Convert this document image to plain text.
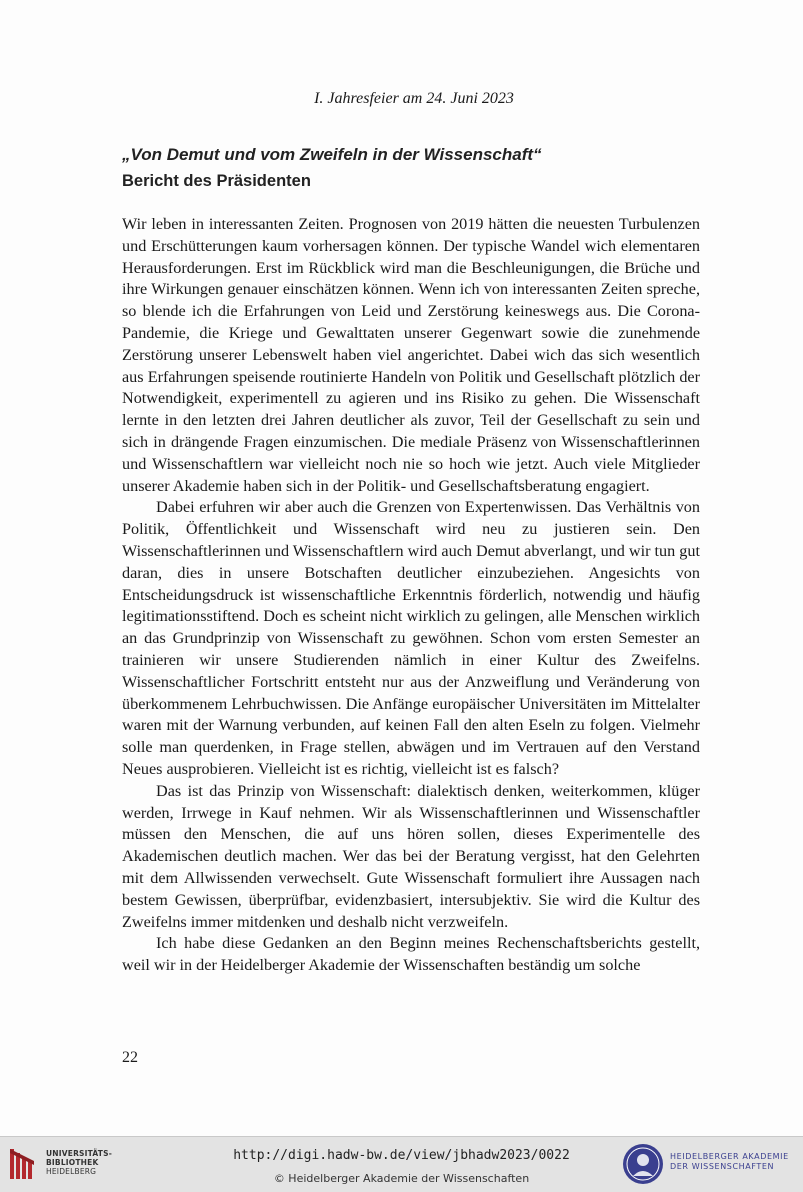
I. Jahresfeier am 24. Juni 2023
„Von Demut und vom Zweifeln in der Wissenschaft“
Bericht des Präsidenten

Wir leben in interessanten Zeiten. Prognosen von 2019 hätten die neuesten Turbulenzen und Erschütterungen kaum vorhersagen können. Der typische Wandel wich elementaren Herausforderungen. Erst im Rückblick wird man die Beschleunigungen, die Brüche und ihre Wirkungen genauer einschätzen können. Wenn ich von interessanten Zeiten spreche, so blende ich die Erfahrungen von Leid und Zerstörung keineswegs aus. Die Corona-Pandemie, die Kriege und Gewalttaten unserer Gegenwart sowie die zunehmende Zerstörung unserer Lebenswelt haben viel angerichtet. Dabei wich das sich wesentlich aus Erfahrungen speisende routinierte Handeln von Politik und Gesellschaft plötzlich der Notwendigkeit, experimentell zu agieren und ins Risiko zu gehen. Die Wissenschaft lernte in den letzten drei Jahren deutlicher als zuvor, Teil der Gesellschaft zu sein und sich in drängende Fragen einzumischen. Die mediale Präsenz von Wissenschaftlerinnen und Wissenschaftlern war vielleicht noch nie so hoch wie jetzt. Auch viele Mitglieder unserer Akademie haben sich in der Politik- und Gesellschaftsberatung engagiert.

Dabei erfuhren wir aber auch die Grenzen von Expertenwissen. Das Verhältnis von Politik, Öffentlichkeit und Wissenschaft wird neu zu justieren sein. Den Wissenschaftlerinnen und Wissenschaftlern wird auch Demut abverlangt, und wir tun gut daran, dies in unsere Botschaften deutlicher einzubeziehen. Angesichts von Entscheidungsdruck ist wissenschaftliche Erkenntnis förderlich, notwendig und häufig legitimationsstiftend. Doch es scheint nicht wirklich zu gelingen, alle Menschen wirklich an das Grundprinzip von Wissenschaft zu gewöhnen. Schon vom ersten Semester an trainieren wir unsere Studierenden nämlich in einer Kultur des Zweifelns. Wissenschaftlicher Fortschritt entsteht nur aus der Anzweiflung und Veränderung von überkommenem Lehrbuchwissen. Die Anfänge europäischer Universitäten im Mittelalter waren mit der Warnung verbunden, auf keinen Fall den alten Eseln zu folgen. Vielmehr solle man querdenken, in Frage stellen, abwägen und im Vertrauen auf den Verstand Neues ausprobieren. Vielleicht ist es richtig, vielleicht ist es falsch?

Das ist das Prinzip von Wissenschaft: dialektisch denken, weiterkommen, klüger werden, Irrwege in Kauf nehmen. Wir als Wissenschaftlerinnen und Wissenschaftler müssen den Menschen, die auf uns hören sollen, dieses Experimentelle des Akademischen deutlich machen. Wer das bei der Beratung vergisst, hat den Gelehrten mit dem Allwissenden verwechselt. Gute Wissenschaft formuliert ihre Aussagen nach bestem Gewissen, überprüfbar, evidenzbasiert, intersubjektiv. Sie wird die Kultur des Zweifelns immer mitdenken und deshalb nicht verzweifeln.

Ich habe diese Gedanken an den Beginn meines Rechenschaftsberichts gestellt, weil wir in der Heidelberger Akademie der Wissenschaften beständig um solche

22
UNIVERSITÄTS-
BIBLIOTHEK
HEIDELBERG
http://digi.hadw-bw.de/view/jbhadw2023/0022
© Heidelberger Akademie der Wissenschaften
HEIDELBERGER AKADEMIE
DER WISSENSCHAFTEN
